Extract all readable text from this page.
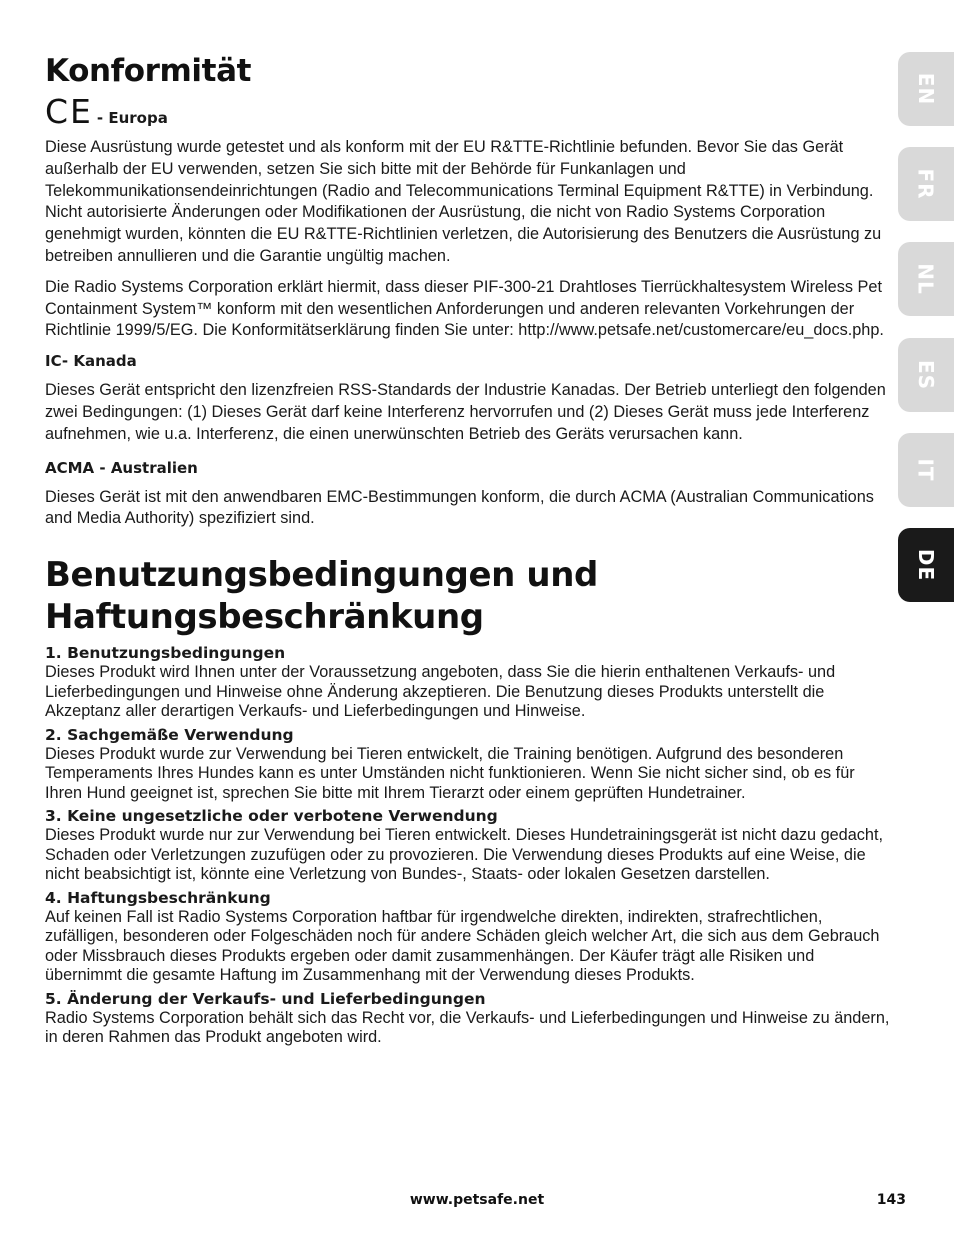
Konformität
CE - Europa

Diese Ausrüstung wurde getestet und als konform mit der EU R&TTE-Richtlinie befunden. Bevor Sie das Gerät außerhalb der EU verwenden, setzen Sie sich bitte mit der Behörde für Funkanlagen und Telekommunikationsendeinrichtungen (Radio and Telecommunications Terminal Equipment R&TTE) in Verbindung. Nicht autorisierte Änderungen oder Modifikationen der Ausrüstung, die nicht von Radio Systems Corporation genehmigt wurden, könnten die EU R&TTE-Richtlinien verletzen, die Autorisierung des Benutzers die Ausrüstung zu betreiben annullieren und die Garantie ungültig machen.

Die Radio Systems Corporation erklärt hiermit, dass dieser PIF-300-21 Drahtloses Tierrückhaltesystem Wireless Pet Containment System™ konform mit den wesentlichen Anforderungen und anderen relevanten Vorkehrungen der Richtlinie 1999/5/EG. Die Konformitätserklärung finden Sie unter: http://www.petsafe.net/customercare/eu_docs.php.

IC- Kanada

Dieses Gerät entspricht den lizenzfreien RSS-Standards der Industrie Kanadas. Der Betrieb unterliegt den folgenden zwei Bedingungen: (1) Dieses Gerät darf keine Interferenz hervorrufen und (2) Dieses Gerät muss jede Interferenz aufnehmen, wie u.a. Interferenz, die einen unerwünschten Betrieb des Geräts verursachen kann.

ACMA - Australien

Dieses Gerät ist mit den anwendbaren EMC-Bestimmungen konform, die durch ACMA (Australian Communications and Media Authority) spezifiziert sind.

Benutzungsbedingungen und
Haftungsbeschränkung
1. Benutzungsbedingungen

Dieses Produkt wird Ihnen unter der Voraussetzung angeboten, dass Sie die hierin enthaltenen Verkaufs- und Lieferbedingungen und Hinweise ohne Änderung akzeptieren. Die Benutzung dieses Produkts unterstellt die Akzeptanz aller derartigen Verkaufs- und Lieferbedingungen und Hinweise.

2. Sachgemäße Verwendung

Dieses Produkt wurde zur Verwendung bei Tieren entwickelt, die Training benötigen. Aufgrund des besonderen Temperaments Ihres Hundes kann es unter Umständen nicht funktionieren. Wenn Sie nicht sicher sind, ob es für Ihren Hund geeignet ist, sprechen Sie bitte mit Ihrem Tierarzt oder einem geprüften Hundetrainer.

3. Keine ungesetzliche oder verbotene Verwendung

Dieses Produkt wurde nur zur Verwendung bei Tieren entwickelt. Dieses Hundetrainingsgerät ist nicht dazu gedacht, Schaden oder Verletzungen zuzufügen oder zu provozieren. Die Verwendung dieses Produkts auf eine Weise, die nicht beabsichtigt ist, könnte eine Verletzung von Bundes-, Staats- oder lokalen Gesetzen darstellen.

4. Haftungsbeschränkung

Auf keinen Fall ist Radio Systems Corporation haftbar für irgendwelche direkten, indirekten, strafrechtlichen, zufälligen, besonderen oder Folgeschäden noch für andere Schäden gleich welcher Art, die sich aus dem Gebrauch oder Missbrauch dieses Produkts ergeben oder damit zusammenhängen. Der Käufer trägt alle Risiken und übernimmt die gesamte Haftung im Zusammenhang mit der Verwendung dieses Produkts.

5. Änderung der Verkaufs- und Lieferbedingungen

Radio Systems Corporation behält sich das Recht vor, die Verkaufs- und Lieferbedingungen und Hinweise zu ändern, in deren Rahmen das Produkt angeboten wird.

EN
FR
NL
ES
IT
DE
www.petsafe.net	143
